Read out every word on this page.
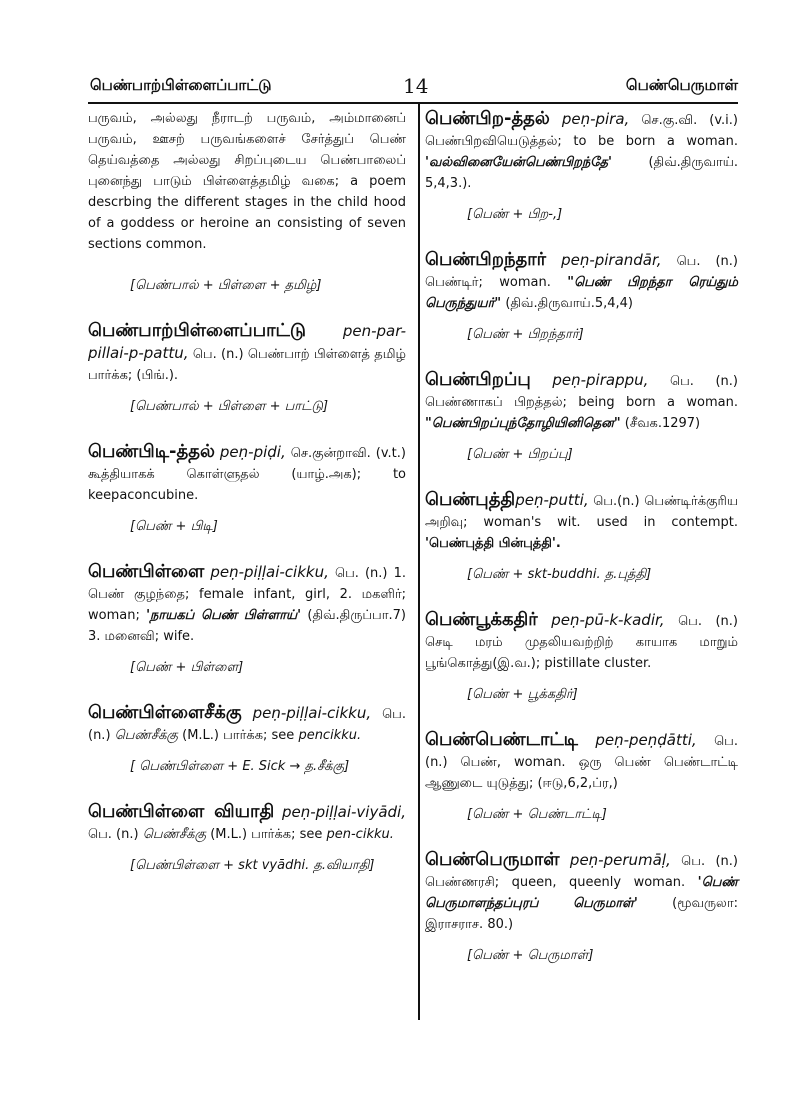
பெண்பாற்பிள்ளைப்பாட்டு	14	பெண்பெருமாள்
பருவம், அல்லது நீராடற் பருவம், அம்மானைப் பருவம், ஊசற் பருவங்களைச் சேர்த்துப் பெண் தெய்வத்தை அல்லது சிறப்புடைய பெண்பாலைப் புனைந்து பாடும் பிள்ளைத்தமிழ் வகை; a poem descrbing the different stages in the child hood of a goddess or heroine an consisting of seven sections common.
[பெண்பால் + பிள்ளை + தமிழ்]
பெண்பாற்பிள்ளைப்பாட்டு pen-par-pillai-p-pattu, பெ. (n.) பெண்பாற் பிள்ளைத் தமிழ் பார்க்க; (பிங்.).
[பெண்பால் + பிள்ளை + பாட்டு]
பெண்பிடி-த்தல் peṇ-piḍi, செ.குன்றாவி. (v.t.) கூத்தியாகக் கொள்ளுதல் (யாழ்.அக); to keepaconcubine.
[பெண் + பிடி]
பெண்பிள்ளை peṇ-piḷḷai-cikku, பெ. (n.) 1. பெண் குழந்தை; female infant, girl, 2. மகளிர்; woman; 'நாயகப் பெண் பிள்ளாய்' (திவ்.திருப்பா.7) 3. மனைவி; wife.
[பெண் + பிள்ளை]
பெண்பிள்ளைசீக்கு peṇ-piḷḷai-cikku, பெ. (n.) பெண்சீக்கு (M.L.) பார்க்க; see pencikku.
[ பெண்பிள்ளை + E. Sick → த.சீக்கு]
பெண்பிள்ளை வியாதி peṇ-piḷḷai-viyādi, பெ. (n.) பெண்சீக்கு (M.L.) பார்க்க; see pen-cikku.
[பெண்பிள்ளை + skt vyādhi. த.வியாதி]
பெண்பிற-த்தல் peṇ-pira, செ.கு.வி. (v.i.) பெண்பிறவியெடுத்தல்; to be born a woman. 'வல்வினையேன்பெண்பிறந்தே'	(திவ்.திருவாய். 5,4,3.).
[பெண் + பிற-,]
பெண்பிறந்தார் peṇ-pirandār, பெ. (n.) பெண்டிர்; woman. "பெண் பிறந்தா ரெய்தும் பெருந்துயர்" (திவ்.திருவாய்.5,4,4)
[பெண் + பிறந்தார்]
பெண்பிறப்பு peṇ-pirappu, பெ. (n.) பெண்ணாகப் பிறத்தல்; being born a woman. "பெண்பிறப்புந்தோழியினிதென" (சீவக.1297)
[பெண் + பிறப்பு]
பெண்புத்திpeṇ-putti, பெ.(n.) பெண்டிர்க்குரிய அறிவு; woman's wit. used in contempt. 'பெண்புத்தி பின்புத்தி'.
[பெண் + skt-buddhi. த.புத்தி]
பெண்பூக்கதிர் peṇ-pū-k-kadir, பெ. (n.) செடி மரம் முதலியவற்றிற் காயாக மாறும் பூங்கொத்து(இ.வ.); pistillate cluster.
[பெண் + பூக்கதிர்]
பெண்பெண்டாட்டி peṇ-peṇḍātti, பெ. (n.) பெண், woman. ஒரு பெண் பெண்டாட்டி ஆணுடை யுடுத்து; (ஈடு,6,2,ப்ர,)
[பெண் + பெண்டாட்டி]
பெண்பெருமாள் peṇ-perumāḷ, பெ. (n.) பெண்ணரசி; queen, queenly woman. 'பெண் பெருமாளந்தப்புரப் பெருமாள்'	(மூவருலா: இராசராச. 80.)
[பெண் + பெருமாள்]
